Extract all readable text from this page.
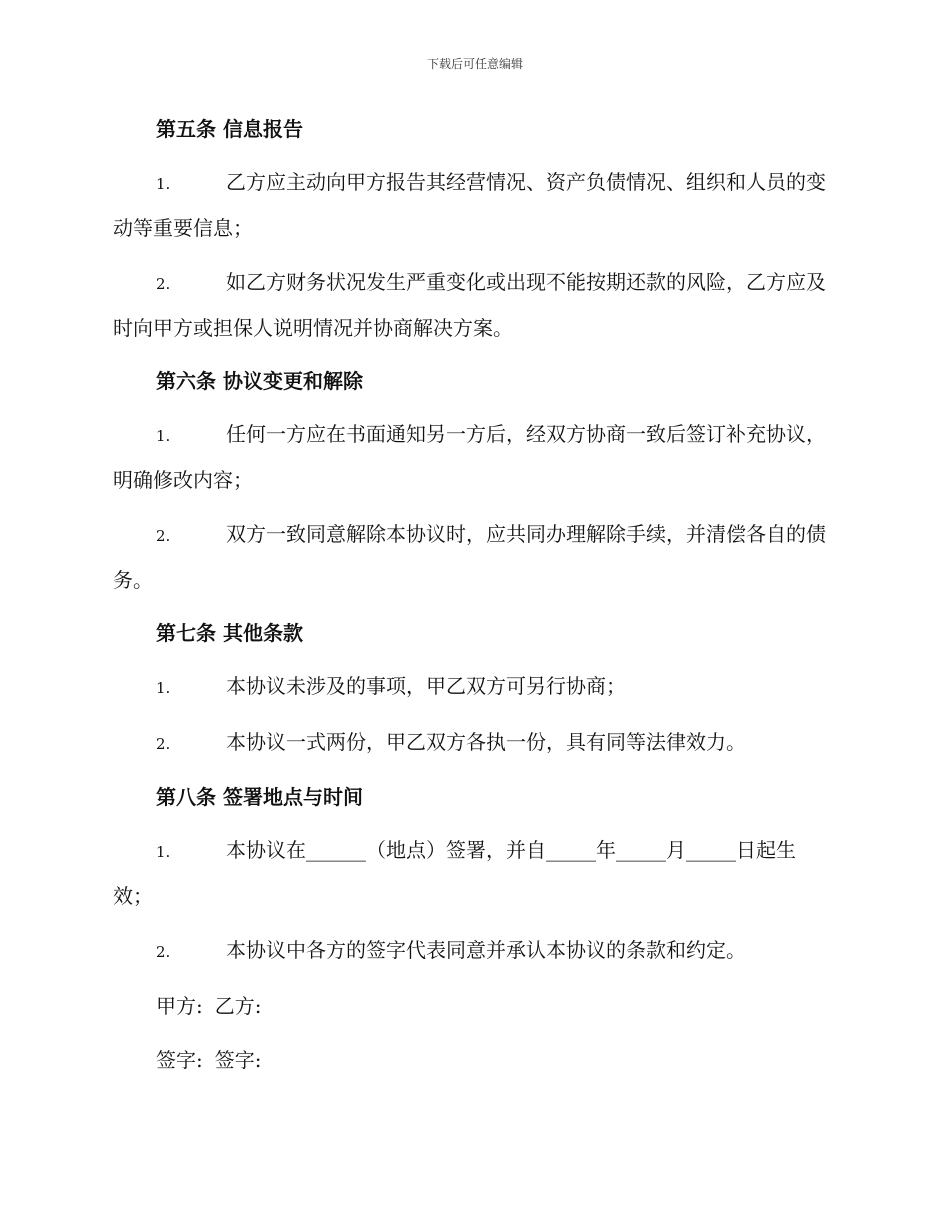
下载后可任意编辑
第五条 信息报告
1.	乙方应主动向甲方报告其经营情况、资产负债情况、组织和人员的变动等重要信息；
2.	如乙方财务状况发生严重变化或出现不能按期还款的风险，乙方应及时向甲方或担保人说明情况并协商解决方案。
第六条 协议变更和解除
1.	任何一方应在书面通知另一方后，经双方协商一致后签订补充协议，明确修改内容；
2.	双方一致同意解除本协议时，应共同办理解除手续，并清偿各自的债务。
第七条 其他条款
1.	本协议未涉及的事项，甲乙双方可另行协商；
2.	本协议一式两份，甲乙双方各执一份，具有同等法律效力。
第八条 签署地点与时间
1.	本协议在______（地点）签署，并自_____年_____月_____日起生效；
2.	本协议中各方的签字代表同意并承认本协议的条款和约定。
甲方: 乙方:
签字: 签字:
